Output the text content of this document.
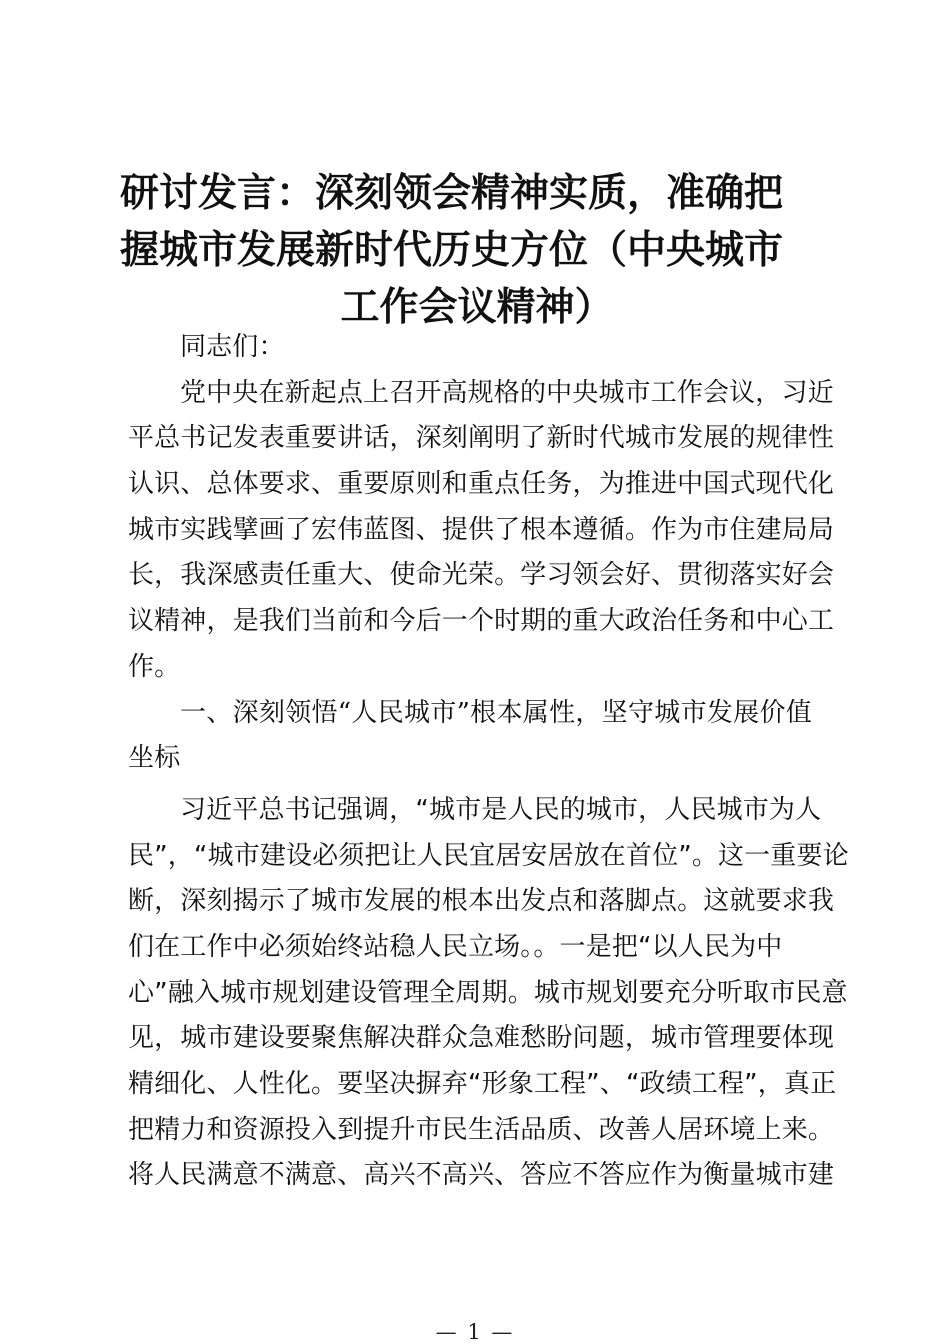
研讨发言：深刻领会精神实质，准确把
握城市发展新时代历史方位（中央城市
工作会议精神）
同志们：
党中央在新起点上召开高规格的中央城市工作会议，习近
平总书记发表重要讲话，深刻阐明了新时代城市发展的规律性
认识、总体要求、重要原则和重点任务，为推进中国式现代化
城市实践擘画了宏伟蓝图、提供了根本遵循。作为市住建局局
长，我深感责任重大、使命光荣。学习领会好、贯彻落实好会
议精神，是我们当前和今后一个时期的重大政治任务和中心工
作。
一、深刻领悟“人民城市”根本属性，坚守城市发展价值
坐标
习近平总书记强调，“城市是人民的城市，人民城市为人
民”，“城市建设必须把让人民宜居安居放在首位”。这一重要论
断，深刻揭示了城市发展的根本出发点和落脚点。这就要求我
们在工作中必须始终站稳人民立场。。一是把“以人民为中
心”融入城市规划建设管理全周期。城市规划要充分听取市民意
见，城市建设要聚焦解决群众急难愁盼问题，城市管理要体现
精细化、人性化。要坚决摒弃“形象工程”、“政绩工程”，真正
把精力和资源投入到提升市民生活品质、改善人居环境上来。
将人民满意不满意、高兴不高兴、答应不答应作为衡量城市建
— 1 —
